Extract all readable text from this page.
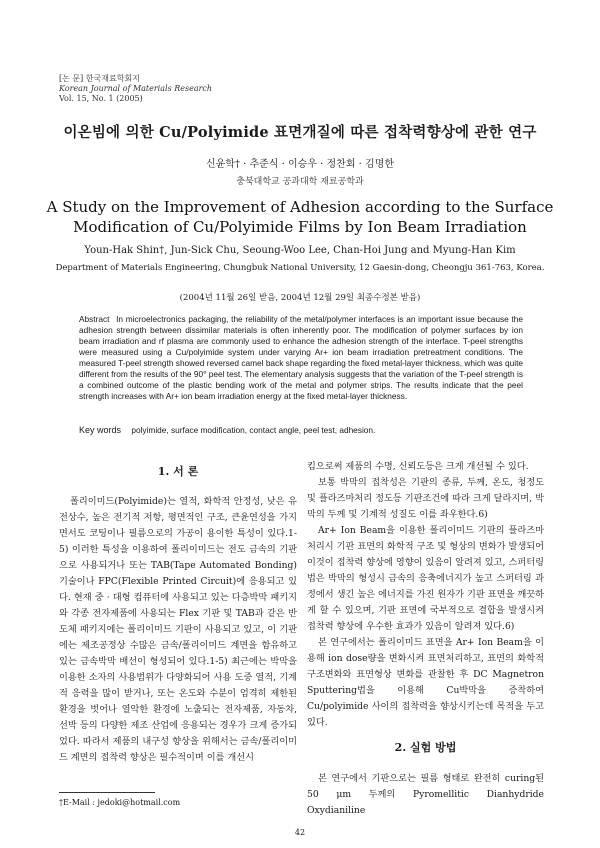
[논 문] 한국재료학회지
Korean Journal of Materials Research
Vol. 15, No. 1 (2005)
이온빔에 의한 Cu/Polyimide 표면개질에 따른 접착력향상에 관한 연구
신윤학† · 추준식 · 이승우 · 정찬회 · 김명한
충북대학교 공과대학 재료공학과
A Study on the Improvement of Adhesion according to the Surface
Modification of Cu/Polyimide Films by Ion Beam Irradiation
Youn-Hak Shin†, Jun-Sick Chu, Seoung-Woo Lee, Chan-Hoi Jung and Myung-Han Kim
Department of Materials Engineering, Chungbuk National University, 12 Gaesin-dong, Cheongju 361-763, Korea.
(2004년 11월 26일 받음, 2004년 12월 29일 최종수정본 받음)
Abstract In microelectronics packaging, the reliability of the metal/polymer interfaces is an important issue because the adhesion strength between dissimilar materials is often inherently poor. The modification of polymer surfaces by ion beam irradiation and rf plasma are commonly used to enhance the adhesion strength of the interface. T-peel strengths were measured using a Cu/polyimide system under varying Ar+ ion beam irradiation pretreatment conditions. The measured T-peel strength showed reversed camel back shape regarding the fixed metal-layer thickness, which was quite different from the results of the 90° peel test. The elementary analysis suggests that the variation of the T-peel strength is a combined outcome of the plastic bending work of the metal and polymer strips. The results indicate that the peel strength increases with Ar+ ion beam irradiation energy at the fixed metal-layer thickness.
Key words polyimide, surface modification, contact angle, peel test, adhesion.
1. 서 론

폴리이미드(Polyimide)는 열적, 화학적 안정성, 낮은 유전상수, 높은 전기적 저항, 평면적인 구조, 큰윤연성을 가지면서도 코팅이나 필름으로의 가공이 용이한 특성이 있다.1-5) 이러한 특성을 이용하여 폴리이미드는 전도 금속의 기판으로 사용되거나 또는 TAB(Tape Automated Bonding) 기술이나 FPC(Flexible Printed Circuit)에 응용되고 있다. 현재 중 · 대형 컴퓨터에 사용되고 있는 다층박막 패키지와 각종 전자제품에 사용되는 Flex 기판 및 TAB과 같은 반도체 패키지에는 폴리이미드 기판이 사용되고 있고, 이 기판에는 제조공정상 수많은 금속/폴리이미드 계면을 함유하고 있는 금속박막 배선이 형성되어 있다.1-5) 최근에는 박막을 이용한 소자의 사용범위가 다양화되어 사용 도중 열적, 기계적 응력을 많이 받거나, 또는 온도와 수분이 엄격히 제한된 환경을 벗어나 열악한 환경에 노출되는 전자제품, 자동차, 선박 등의 다양한 제조 산업에 응용되는 경우가 크게 증가되었다. 따라서 제품의 내구성 향상을 위해서는 금속/폴리이미드 계면의 접착력 향상은 필수적이며 이를 개선시

킴으로써 제품의 수명, 신뢰도등은 크게 개선될 수 있다.

보통 박막의 접착성은 기판의 종류, 두께, 온도, 청정도 및 플라즈마처리 정도등 기판조건에 따라 크게 달라지며, 박막의 두께 및 기계적 성질도 이를 좌우한다.6)

Ar+ Ion Beam을 이용한 폴리이미드 기판의 플라즈마처리시 기판 표면의 화학적 구조 및 형상의 변화가 발생되어 이것이 접착력 향상에 영향이 있음이 알려져 있고, 스퍼터링법은 박막의 형성시 금속의 응축에너지가 높고 스퍼터링 과정에서 생긴 높은 에너지를 가진 원자가 기판 표면을 깨끗하게 할 수 있으며, 기판 표면에 국부적으로 결합을 발생시켜 접착력 향상에 우수한 효과가 있음이 알려져 있다.6)

본 연구에서는 폴리이미드 표면을 Ar+ Ion Beam을 이용해 ion dose량을 변화시켜 표면처리하고, 표면의 화학적 구조변화와 표면형상 변화를 관찰한 후 DC Magnetron Sputtering법을 이용해 Cu박막을 증착하여 Cu/polyimide 사이의 접착력을 향상시키는데 목적을 두고 있다.

2. 실험 방법

본 연구에서 기판으로는 필름 형태로 완전히 curing된 50 μm 두께의 Pyromellitic Dianhydride Oxydianiline

†E-Mail : jedoki@hotmail.com
42
